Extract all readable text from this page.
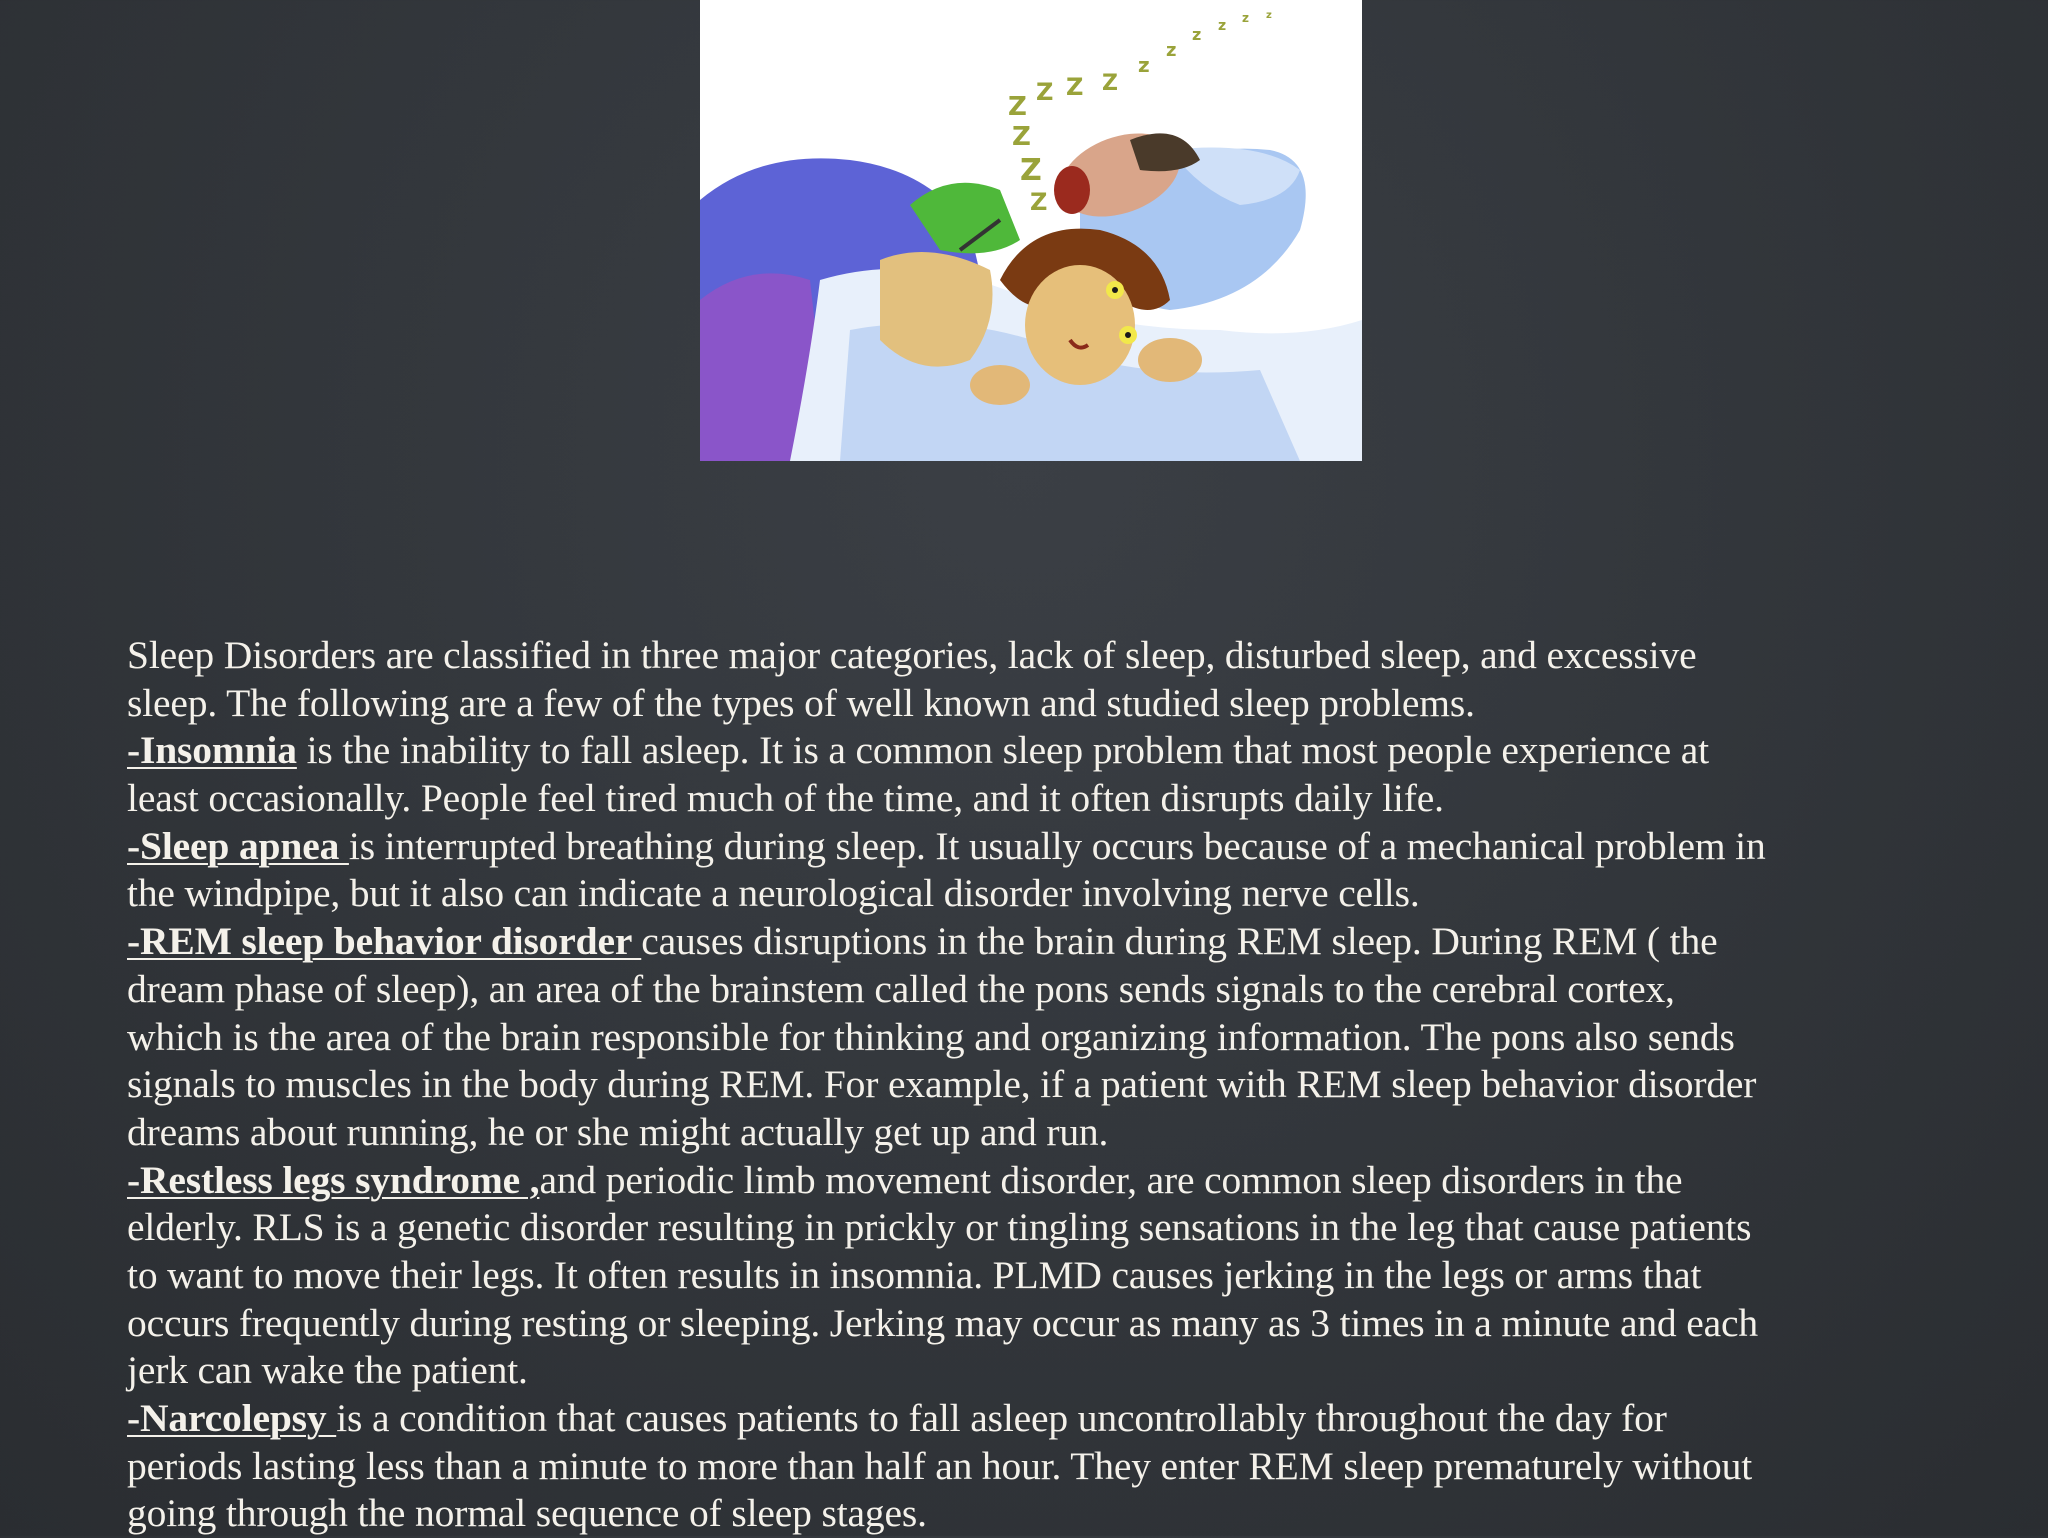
Z Z Z Z
z
z
z z z z
Z
Z
Z
Sleep Disorders are classified in three major categories, lack of sleep, disturbed sleep, and excessive
sleep. The following are a few of the types of well known and studied sleep problems.
-Insomnia is the inability to fall asleep. It is a common sleep problem that most people experience at
least occasionally. People feel tired much of the time, and it often disrupts daily life.
-Sleep apnea is interrupted breathing during sleep. It usually occurs because of a mechanical problem in
the windpipe, but it also can indicate a neurological disorder involving nerve cells.
-REM sleep behavior disorder causes disruptions in the brain during REM sleep. During REM ( the
dream phase of sleep), an area of the brainstem called the pons sends signals to the cerebral cortex,
which is the area of the brain responsible for thinking and organizing information. The pons also sends
signals to muscles in the body during REM. For example, if a patient with REM sleep behavior disorder
dreams about running, he or she might actually get up and run.
-Restless legs syndrome ,and periodic limb movement disorder, are common sleep disorders in the
elderly. RLS is a genetic disorder resulting in prickly or tingling sensations in the leg that cause patients
to want to move their legs. It often results in insomnia. PLMD causes jerking in the legs or arms that
occurs frequently during resting or sleeping. Jerking may occur as many as 3 times in a minute and each
jerk can wake the patient.
-Narcolepsy is a condition that causes patients to fall asleep uncontrollably throughout the day for
periods lasting less than a minute to more than half an hour. They enter REM sleep prematurely without
going through the normal sequence of sleep stages.
